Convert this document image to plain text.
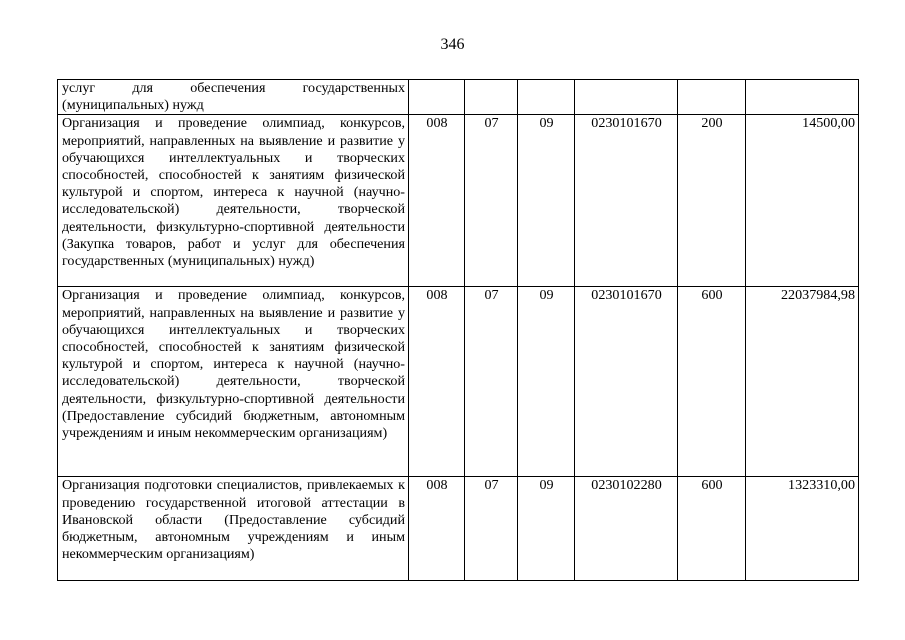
346
услуг для обеспечения государственных (муниципальных) нужд						
Организация и проведение олимпиад, конкурсов, мероприятий, направленных на выявление и развитие у обучающихся интеллектуальных и творческих способностей, способностей к занятиям физической культурой и спортом, интереса к научной (научно-исследовательской) деятельности, творческой деятельности, физкультурно-спортивной деятельности (Закупка товаров, работ и услуг для обеспечения государственных (муниципальных) нужд)	008	07	09	0230101670	200	14500,00
Организация и проведение олимпиад, конкурсов, мероприятий, направленных на выявление и развитие у обучающихся интеллектуальных и творческих способностей, способностей к занятиям физической культурой и спортом, интереса к научной (научно-исследовательской) деятельности, творческой деятельности, физкультурно-спортивной деятельности (Предоставление субсидий бюджетным, автономным учреждениям и иным некоммерческим организациям)	008	07	09	0230101670	600	22037984,98
Организация подготовки специалистов, привлекаемых к проведению государственной итоговой аттестации в Ивановской области (Предоставление субсидий бюджетным, автономным учреждениям и иным некоммерческим организациям)	008	07	09	0230102280	600	1323310,00
